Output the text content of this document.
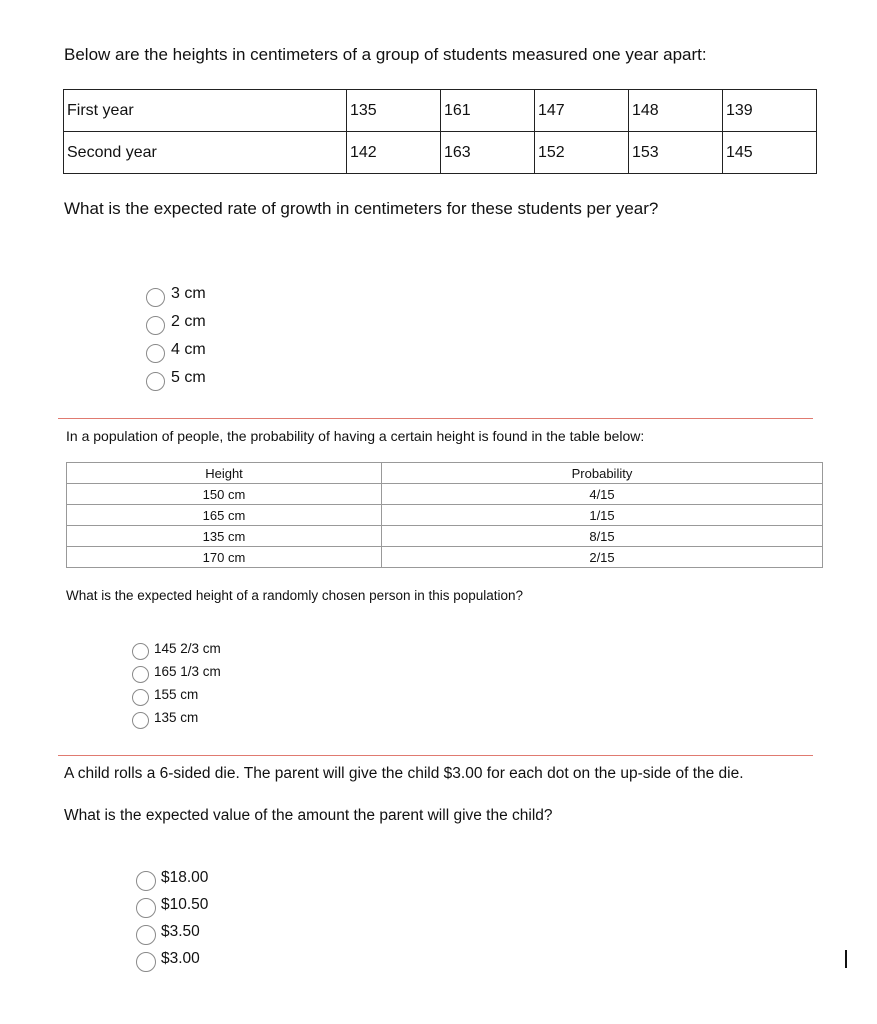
Below are the heights in centimeters of a group of students measured one year apart:
First year	135	161	147	148	139
Second year	142	163	152	153	145
What is the expected rate of growth in centimeters for these students per year?
3 cm
2 cm
4 cm
5 cm
In a population of people, the probability of having a certain height is found in the table below:
Height	Probability
150 cm	4/15
165 cm	1/15
135 cm	8/15
170 cm	2/15
What is the expected height of a randomly chosen person in this population?
145 2/3 cm
165 1/3 cm
155 cm
135 cm
A child rolls a 6-sided die. The parent will give the child $3.00 for each dot on the up-side of the die.
What is the expected value of the amount the parent will give the child?
$18.00
$10.50
$3.50
$3.00
